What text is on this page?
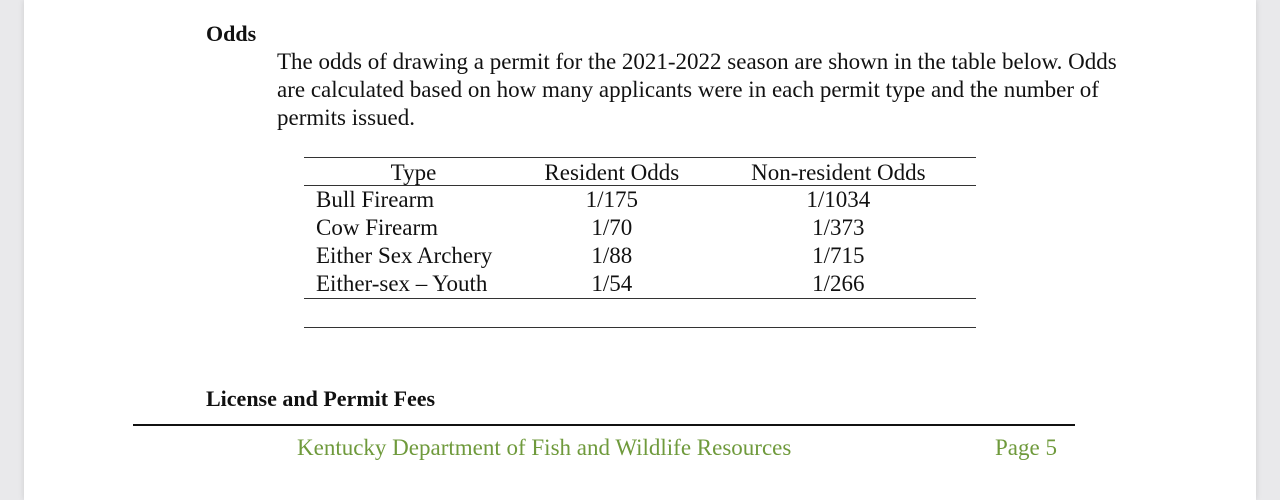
Odds

The odds of drawing a permit for the 2021-2022 season are shown in the table below. Odds are calculated based on how many applicants were in each permit type and the number of permits issued.

Type	Resident Odds	Non-resident Odds
Bull Firearm	1/175	1/1034
Cow Firearm	1/70	1/373
Either Sex Archery	1/88	1/715
Either-sex – Youth	1/54	1/266
License and Permit Fees

Kentucky Department of Fish and Wildlife Resources	Page 5
